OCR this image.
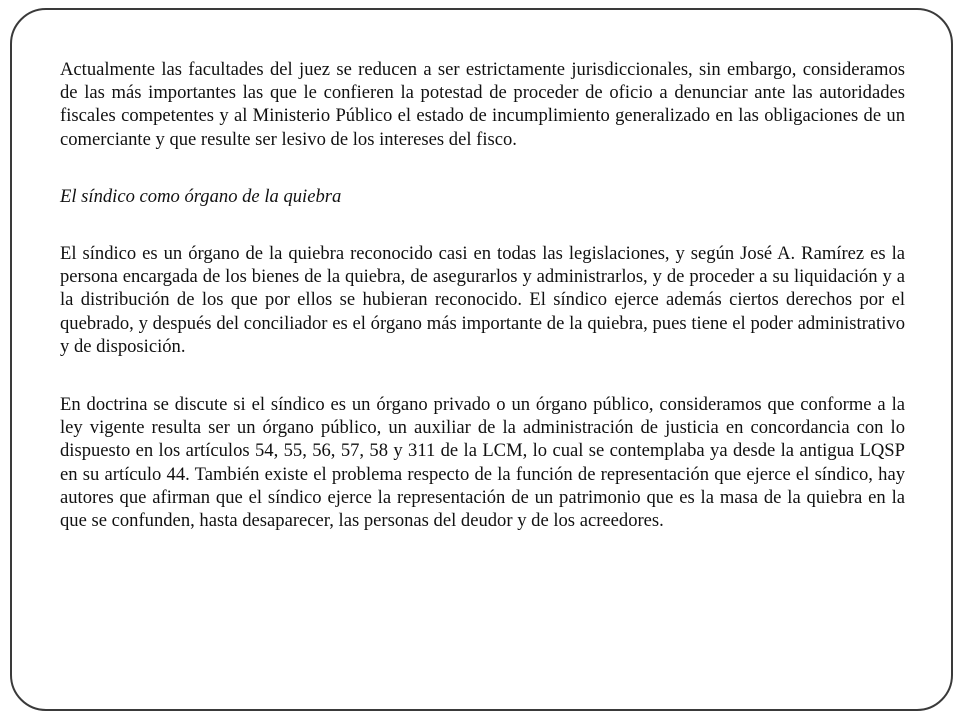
Actualmente las facultades del juez se reducen a ser estrictamente jurisdiccionales, sin embargo, consideramos de las más importantes las que le confieren la potestad de proceder de oficio a denunciar ante las autoridades fiscales competentes y al Ministerio Público el estado de incumplimiento generalizado en las obligaciones de un comerciante y que resulte ser lesivo de los intereses del fisco.

El síndico como órgano de la quiebra

El síndico es un órgano de la quiebra reconocido casi en todas las legislaciones, y según José A. Ramírez es la persona encargada de los bienes de la quiebra, de asegurarlos y administrarlos, y de proceder a su liquidación y a la distribución de los que por ellos se hubieran reconocido. El síndico ejerce además ciertos derechos por el quebrado, y después del conciliador es el órgano más importante de la quiebra, pues tiene el poder administrativo y de disposición.

En doctrina se discute si el síndico es un órgano privado o un órgano público, consideramos que conforme a la ley vigente resulta ser un órgano público, un auxiliar de la administración de justicia en concordancia con lo dispuesto en los artículos 54, 55, 56, 57, 58 y 311 de la LCM, lo cual se contemplaba ya desde la antigua LQSP en su artículo 44. También existe el problema respecto de la función de representación que ejerce el síndico, hay autores que afirman que el síndico ejerce la representación de un patrimonio que es la masa de la quiebra en la que se confunden, hasta desaparecer, las personas del deudor y de los acreedores.
